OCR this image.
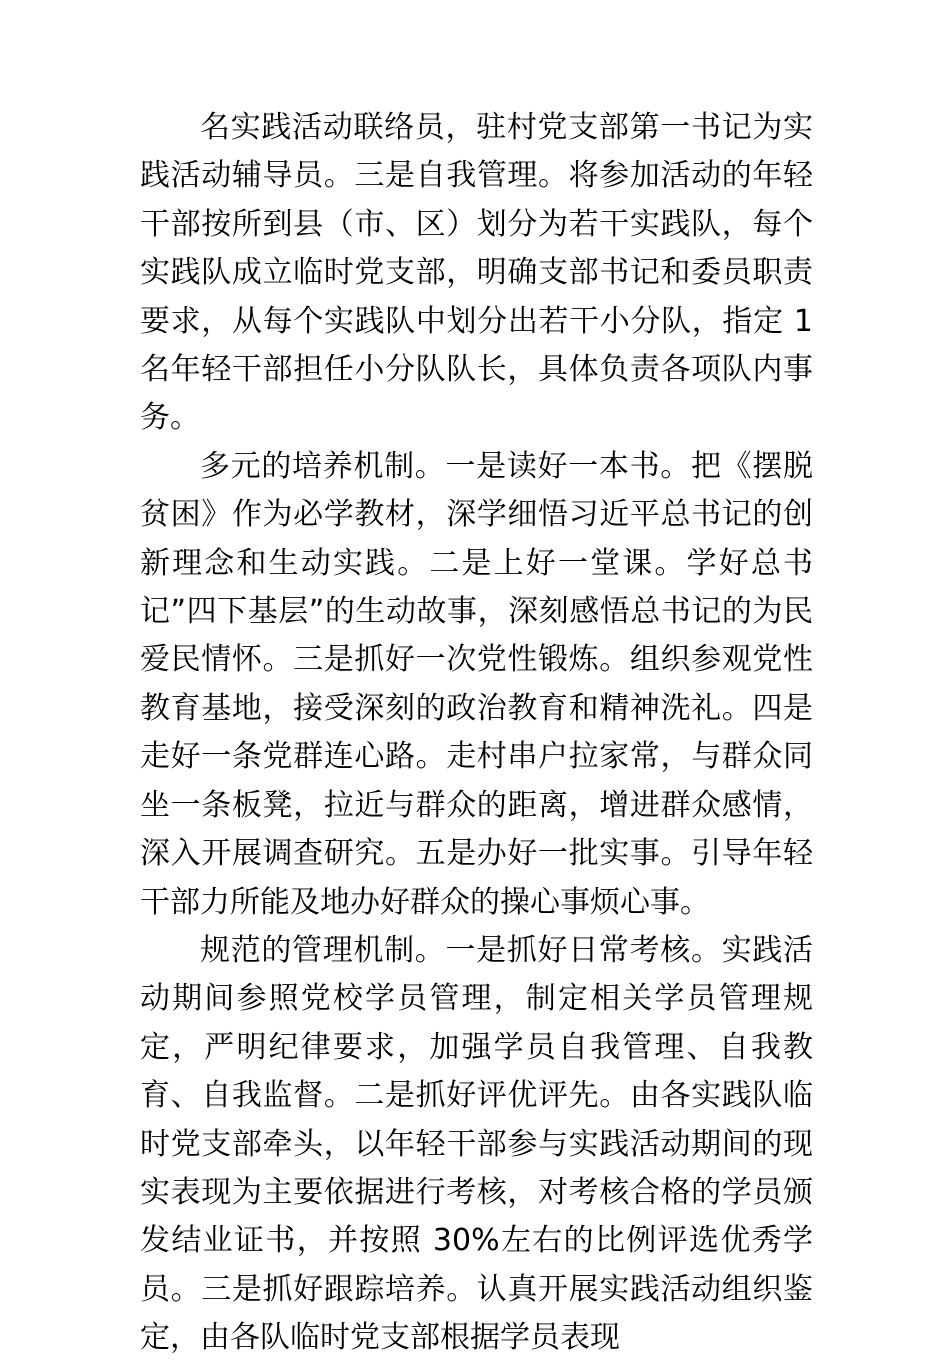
名实践活动联络员，驻村党支部第一书记为实践活动辅导员。三是自我管理。将参加活动的年轻干部按所到县（市、区）划分为若干实践队，每个实践队成立临时党支部，明确支部书记和委员职责要求，从每个实践队中划分出若干小分队，指定 1 名年轻干部担任小分队队长，具体负责各项队内事务。

多元的培养机制。一是读好一本书。把《摆脱贫困》作为必学教材，深学细悟习近平总书记的创新理念和生动实践。二是上好一堂课。学好总书记”四下基层”的生动故事，深刻感悟总书记的为民爱民情怀。三是抓好一次党性锻炼。组织参观党性教育基地，接受深刻的政治教育和精神洗礼。四是走好一条党群连心路。走村串户拉家常，与群众同坐一条板凳，拉近与群众的距离，增进群众感情，深入开展调查研究。五是办好一批实事。引导年轻干部力所能及地办好群众的操心事烦心事。

规范的管理机制。一是抓好日常考核。实践活动期间参照党校学员管理，制定相关学员管理规定，严明纪律要求，加强学员自我管理、自我教育、自我监督。二是抓好评优评先。由各实践队临时党支部牵头，以年轻干部参与实践活动期间的现实表现为主要依据进行考核，对考核合格的学员颁发结业证书，并按照 30%左右的比例评选优秀学员。三是抓好跟踪培养。认真开展实践活动组织鉴定，由各队临时党支部根据学员表现
